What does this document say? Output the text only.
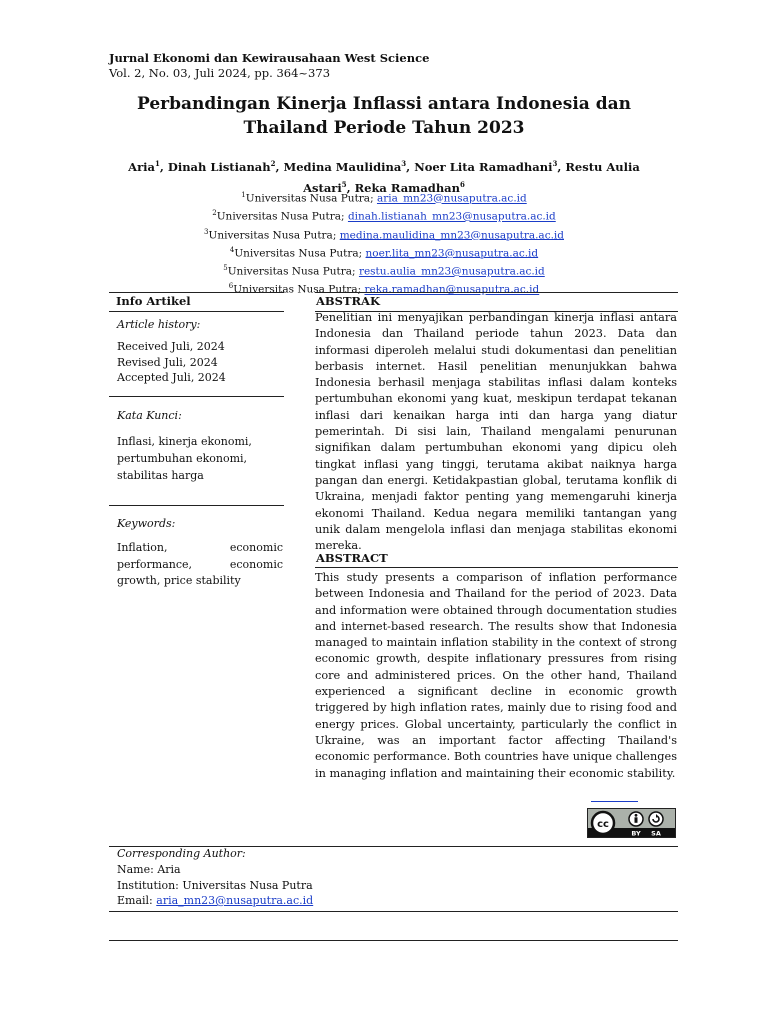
Jurnal Ekonomi dan Kewirausahaan West Science
Vol. 2, No. 03, Juli 2024, pp. 364~373
Perbandingan Kinerja Inflassi antara Indonesia dan Thailand Periode Tahun 2023
Aria$^1$, Dinah Listianah$^2$, Medina Maulidina$^3$, Noer Lita Ramadhani$^3$, Restu Aulia Astari$^5$, Reka Ramadhan$^6$
$^1$Universitas Nusa Putra; aria_mn23@nusaputra.ac.id
$^2$Universitas Nusa Putra; dinah.listianah_mn23@nusaputra.ac.id
$^3$Universitas Nusa Putra; medina.maulidina_mn23@nusaputra.ac.id
$^4$Universitas Nusa Putra; noer.lita_mn23@nusaputra.ac.id
$^5$Universitas Nusa Putra; restu.aulia_mn23@nusaputra.ac.id
$^6$Universitas Nusa Putra; reka.ramadhan@nusaputra.ac.id
Info Artikel
Article history:
Received Juli, 2024
Revised Juli, 2024
Accepted Juli, 2024
Kata Kunci:
Inflasi, kinerja ekonomi,
pertumbuhan ekonomi,
stabilitas harga
Keywords:
Inflation,	economic
performance,	economic
growth, price stability
ABSTRAK
Penelitian ini menyajikan perbandingan kinerja inflasi antara Indonesia dan Thailand periode tahun 2023. Data dan informasi diperoleh melalui studi dokumentasi dan penelitian berbasis internet. Hasil penelitian menunjukkan bahwa Indonesia berhasil menjaga stabilitas inflasi dalam konteks pertumbuhan ekonomi yang kuat, meskipun terdapat tekanan inflasi dari kenaikan harga inti dan harga yang diatur pemerintah. Di sisi lain, Thailand mengalami penurunan signifikan dalam pertumbuhan ekonomi yang dipicu oleh tingkat inflasi yang tinggi, terutama akibat naiknya harga pangan dan energi. Ketidakpastian global, terutama konflik di Ukraina, menjadi faktor penting yang memengaruhi kinerja ekonomi Thailand. Kedua negara memiliki tantangan yang unik dalam mengelola inflasi dan menjaga stabilitas ekonomi mereka.
ABSTRACT
This study presents a comparison of inflation performance between Indonesia and Thailand for the period of 2023. Data and information were obtained through documentation studies and internet-based research. The results show that Indonesia managed to maintain inflation stability in the context of strong economic growth, despite inflationary pressures from rising core and administered prices. On the other hand, Thailand experienced a significant decline in economic growth triggered by high inflation rates, mainly due to rising food and energy prices. Global uncertainty, particularly the conflict in Ukraine, was an important factor affecting Thailand's economic performance. Both countries have unique challenges in managing inflation and maintaining their economic stability.
cc
BY SA
Corresponding Author:
Name: Aria
Institution: Universitas Nusa Putra
Email: aria_mn23@nusaputra.ac.id
